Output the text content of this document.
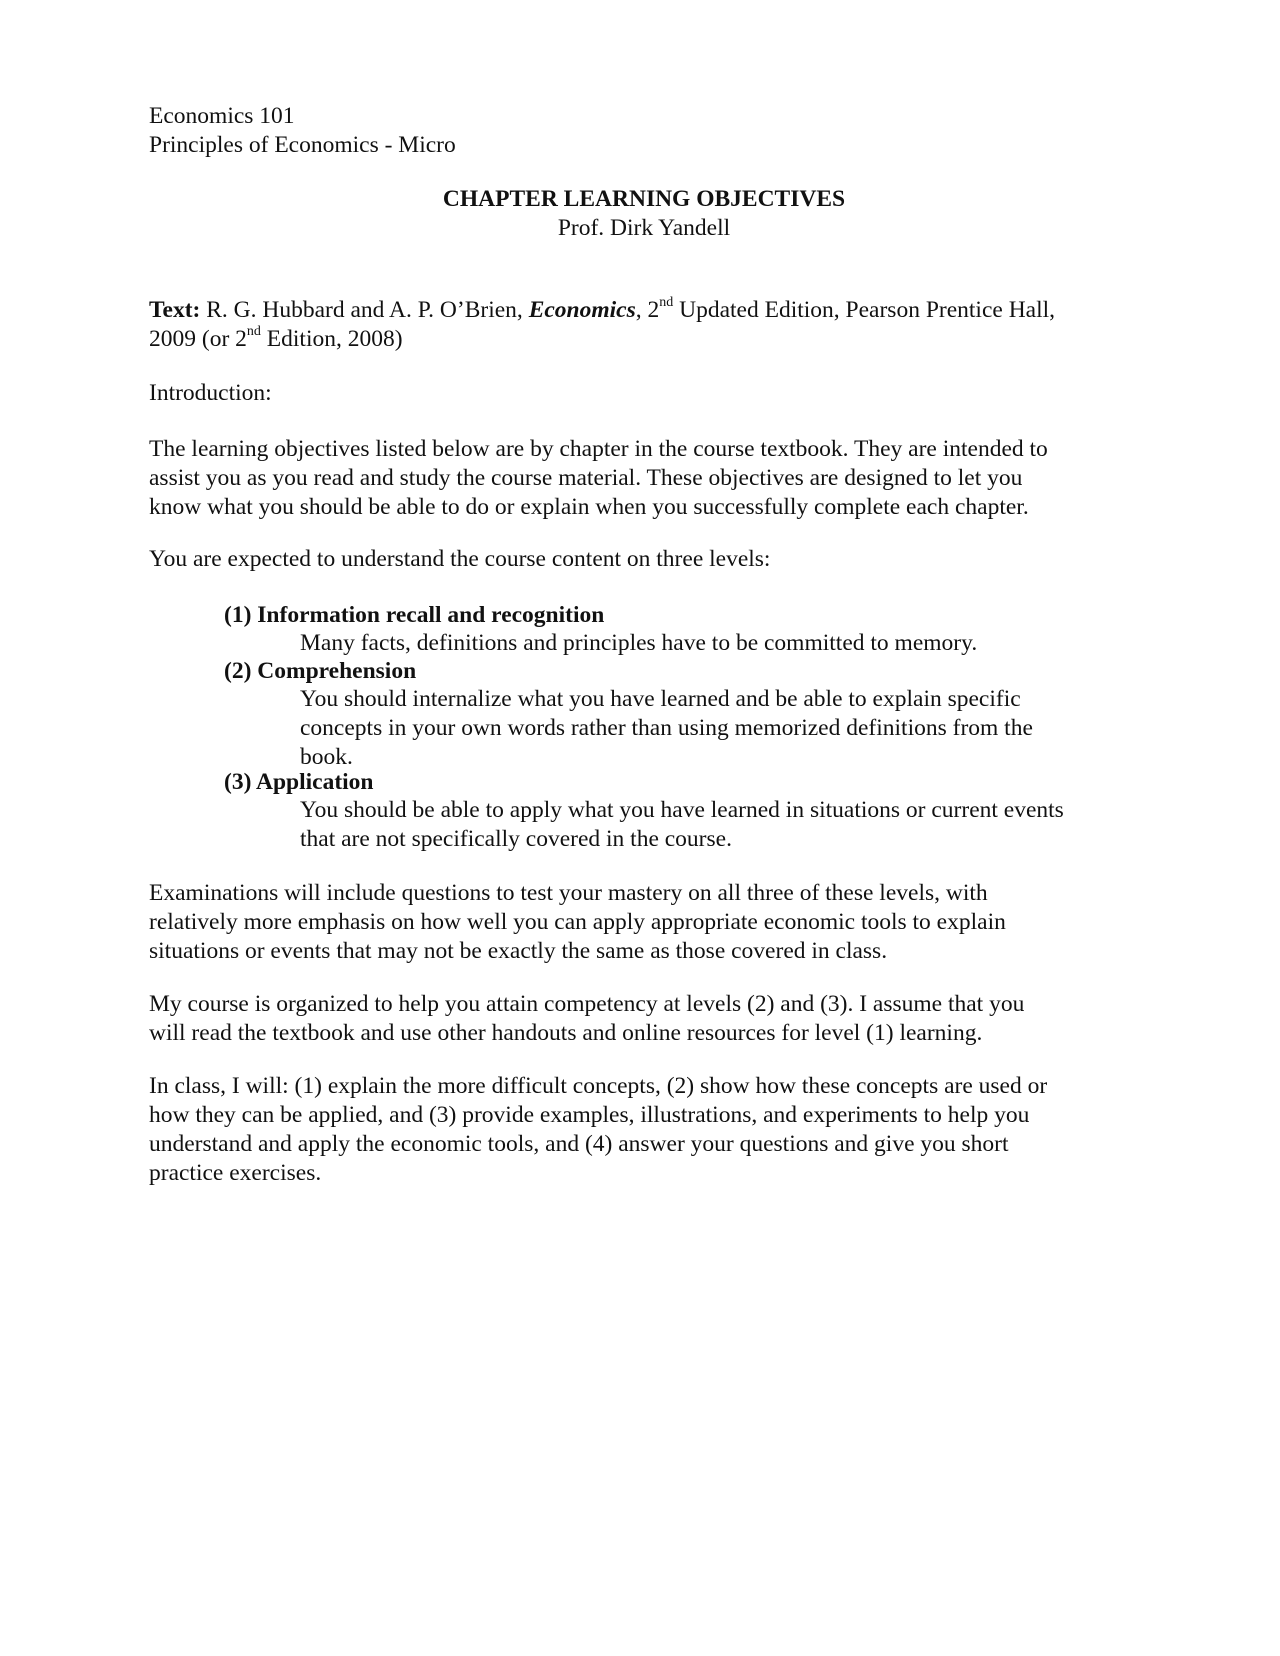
Economics 101
Principles of Economics - Micro
CHAPTER LEARNING OBJECTIVES
Prof. Dirk Yandell
Text: R. G. Hubbard and A. P. O’Brien, Economics, 2nd Updated Edition, Pearson Prentice Hall,
2009 (or 2nd Edition, 2008)
Introduction:
The learning objectives listed below are by chapter in the course textbook. They are intended to
assist you as you read and study the course material. These objectives are designed to let you
know what you should be able to do or explain when you successfully complete each chapter.
You are expected to understand the course content on three levels:
(1) Information recall and recognition
Many facts, definitions and principles have to be committed to memory.
(2) Comprehension
You should internalize what you have learned and be able to explain specific
concepts in your own words rather than using memorized definitions from the
book.
(3) Application
You should be able to apply what you have learned in situations or current events
that are not specifically covered in the course.
Examinations will include questions to test your mastery on all three of these levels, with
relatively more emphasis on how well you can apply appropriate economic tools to explain
situations or events that may not be exactly the same as those covered in class.
My course is organized to help you attain competency at levels (2) and (3). I assume that you
will read the textbook and use other handouts and online resources for level (1) learning.
In class, I will: (1) explain the more difficult concepts, (2) show how these concepts are used or
how they can be applied, and (3) provide examples, illustrations, and experiments to help you
understand and apply the economic tools, and (4) answer your questions and give you short
practice exercises.
